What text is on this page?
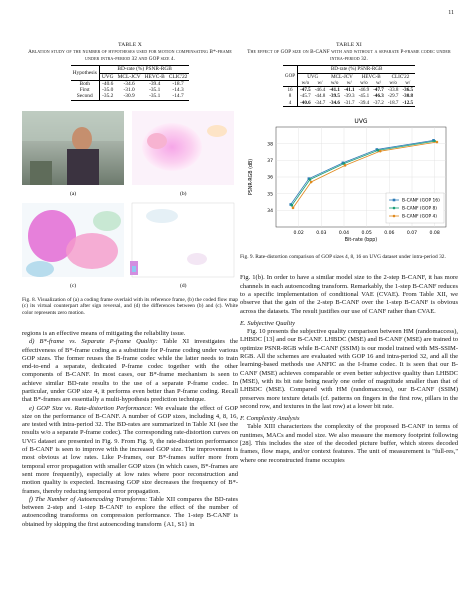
11
TABLE X
Ablation study of the number of hypotheses used for motion compensating B*-frame under intra-period 32 and GOP size 4.
Hypothesis	BD-rate (%) PSNR-RGB			
	UVG	MCL-JCV	HEVC-B	CLIC'22
Both	-40.6	-34.6	-39.4	-18.7
First	-35.0	-31.0	-35.1	-14.3
Second	-35.2	-30.9	-35.1	-14.7
(a)	(b)
(c)	(d)
Fig. 8. Visualization of (a) a coding frame overlaid with its reference frame, (b) the coded flow map (c) its virtual counterpart after sign reversal, and (d) the differences between (b) and (c). White color represents zero motion.

regions is an effective means of mitigating the reliability issue.

d) B*-frame vs. Separate P-frame Quality: Table XI investigates the effectiveness of B*-frame coding as a substitute for P-frame coding under various GOP sizes. The former reuses the B-frame codec while the latter needs to train end-to-end a separate, dedicated P-frame codec together with the other components of B-CANF. In most cases, our B*-frame mechanism is seen to achieve similar BD-rate results to the use of a separate P-frame codec. In particular, under GOP size 4, it performs even better than P-frame coding. Recall that B*-frames are essentially a multi-hypothesis prediction technique.

e) GOP Size vs. Rate-distortion Performance: We evaluate the effect of GOP size on the performance of B-CANF. A number of GOP sizes, including 4, 8, 16, are tested with intra-period 32. The BD-rates are summarized in Table XI (see the results w/o a separate P-frame codec). The corresponding rate-distortion curves on UVG dataset are presented in Fig. 9. From Fig. 9, the rate-distortion performance of B-CANF is seen to improve with the increased GOP size. The improvement is most obvious at low rates. Like P-frames, our B*-frames suffer more from temporal error propagation with smaller GOP sizes (in which cases, B*-frames are sent more frequently), especially at low rates where poor reconstruction and motion quality is expected. Increasing GOP size decreases the frequency of B*-frames, thereby reducing temporal error propagation.

f) The Number of Autoencoding Transforms: Table XII compares the BD-rates between 2-step and 1-step B-CANF to explore the effect of the number of autoencoding transforms on compression performance. The 1-step B-CANF is obtained by skipping the first autoencoding transform {A1, S1} in

TABLE XI
The effect of GOP size on B-CANF with and without a separate P-frame codec under intra-period 32.
GOP	BD-rate (%) PSNR-RGB							
	UVG		MCL-JCV		HEVC-B		CLIC'22	
	w/o	w/	w/o	w/	w/o	w/	w/o	w/
16	-47.5	-46.4	-41.1	-41.1	-46.9	-47.7	-33.8	-36.5
8	-45.7	-44.8	-39.5	-39.3	-45.1	-46.3	-29.7	-30.8
4	-40.6	-34.7	-34.6	-31.7	-39.4	-37.2	-18.7	-12.5
0.02	0.03	0.04	0.05	0.06	0.07	0.08
34
35
36
37
38
UVG
Bit-rate (bpp)
PSNR-RGB (dB)
B-CANF (GOP 16)
B-CANF (GOP 8)
B-CANF (GOP 4)
Fig. 9. Rate-distortion comparison of GOP sizes 4, 8, 16 on UVG dataset under intra-period 32.

Fig. 1(b). In order to have a similar model size to the 2-step B-CANF, it has more channels in each autoencoding transform. Remarkably, the 1-step B-CANF reduces to a specific implementation of conditional VAE (CVAE). From Table XII, we observe that the gain of the 2-step B-CANF over the 1-step B-CANF is obvious across the datasets. The result justifies our use of CANF rather than CVAE.

E. Subjective Quality

Fig. 10 presents the subjective quality comparison between HM (randomaccess), LHBDC [13] and our B-CANF. LHBDC (MSE) and B-CANF (MSE) are trained to optimize PSNR-RGB while B-CANF (SSIM) is our model trained with MS-SSIM-RGB. All the schemes are evaluated with GOP 16 and intra-period 32, and all the learning-based methods use ANFIC as the I-frame codec. It is seen that our B-CANF (MSE) achieves comparable or even better subjective quality than LHBDC (MSE), with its bit rate being nearly one order of magnitude smaller than that of LHBDC (MSE). Compared with HM (randomaccess), our B-CANF (SSIM) preserves more texture details (cf. patterns on fingers in the first row, pillars in the second row, and textures in the last row) at a lower bit rate.

F. Complexity Analysis

Table XIII characterizes the complexity of the proposed B-CANF in terms of runtimes, MACs and model size. We also measure the memory footprint following [28]. This includes the size of the decoded picture buffer, which stores decoded frames, flow maps, and/or context features. The unit of measurement is "full-res," where one reconstructed frame occupies
